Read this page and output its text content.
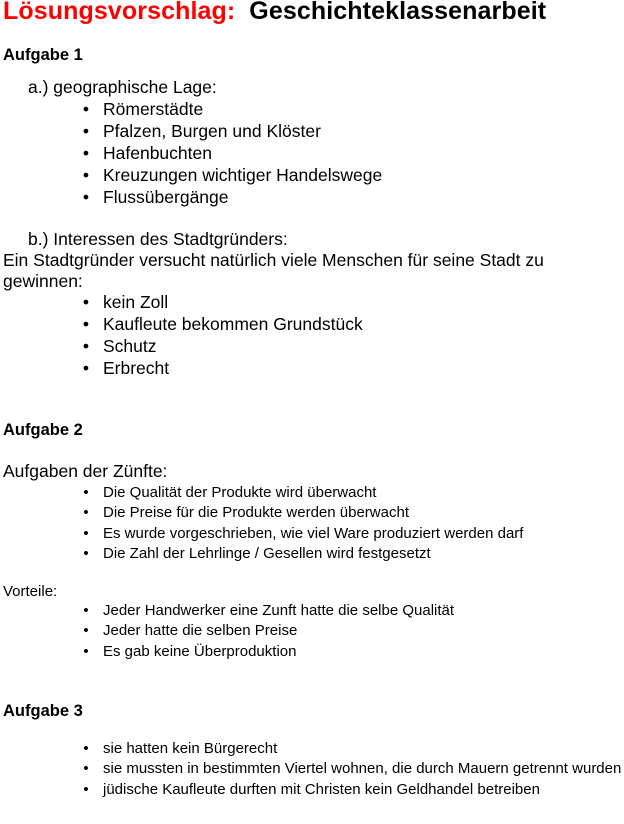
Lösungsvorschlag: Geschichteklassenarbeit
Aufgabe 1
a.) geographische Lage:
• Römerstädte
• Pfalzen, Burgen und Klöster
• Hafenbuchten
• Kreuzungen wichtiger Handelswege
• Flussübergänge
b.) Interessen des Stadtgründers:
Ein Stadtgründer versucht natürlich viele Menschen für seine Stadt zu
gewinnen:
• kein Zoll
• Kaufleute bekommen Grundstück
• Schutz
• Erbrecht
Aufgabe 2
Aufgaben der Zünfte:
• Die Qualität der Produkte wird überwacht
• Die Preise für die Produkte werden überwacht
• Es wurde vorgeschrieben, wie viel Ware produziert werden darf
• Die Zahl der Lehrlinge / Gesellen wird festgesetzt
Vorteile:
• Jeder Handwerker eine Zunft hatte die selbe Qualität
• Jeder hatte die selben Preise
• Es gab keine Überproduktion
Aufgabe 3
• sie hatten kein Bürgerecht
• sie mussten in bestimmten Viertel wohnen, die durch Mauern getrennt wurden
• jüdische Kaufleute durften mit Christen kein Geldhandel betreiben
